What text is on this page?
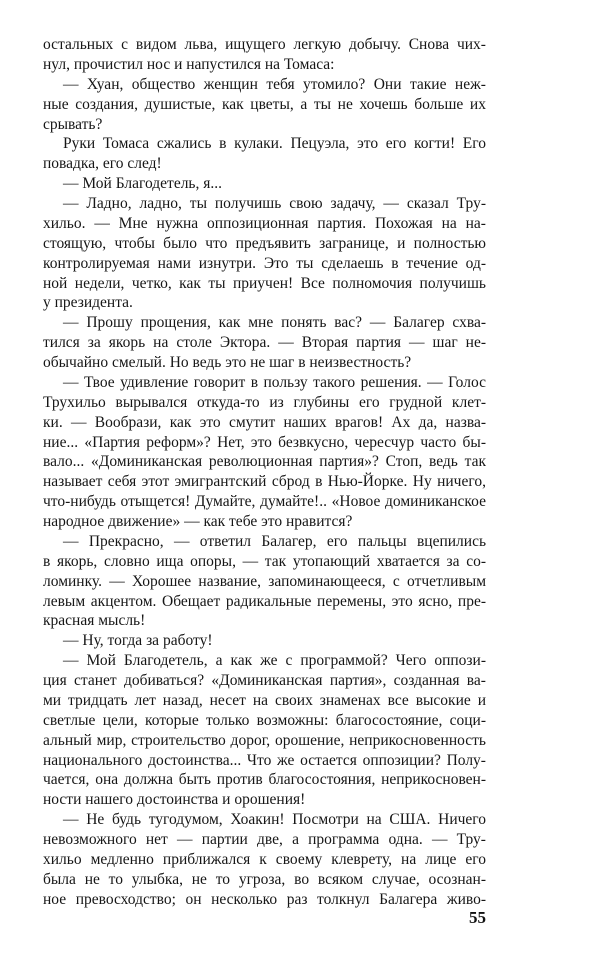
остальных с видом льва, ищущего легкую добычу. Снова чих-
нул, прочистил нос и напустился на Томаса:
— Хуан, общество женщин тебя утомило? Они такие неж-
ные создания, душистые, как цветы, а ты не хочешь больше их
срывать?
Руки Томаса сжались в кулаки. Пецуэла, это его когти! Его
повадка, его след!
— Мой Благодетель, я...
— Ладно, ладно, ты получишь свою задачу, — сказал Тру-
хильо. — Мне нужна оппозиционная партия. Похожая на на-
стоящую, чтобы было что предъявить загранице, и полностью
контролируемая нами изнутри. Это ты сделаешь в течение од-
ной недели, четко, как ты приучен! Все полномочия получишь
у президента.
— Прошу прощения, как мне понять вас? — Балагер схва-
тился за якорь на столе Эктора. — Вторая партия — шаг не-
обычайно смелый. Но ведь это не шаг в неизвестность?
— Твое удивление говорит в пользу такого решения. — Голос
Трухильо вырывался откуда-то из глубины его грудной клет-
ки. — Вообрази, как это смутит наших врагов! Ах да, назва-
ние... «Партия реформ»? Нет, это безвкусно, чересчур часто бы-
вало... «Доминиканская революционная партия»? Стоп, ведь так
называет себя этот эмигрантский сброд в Нью-Йорке. Ну ничего,
что-нибудь отыщется! Думайте, думайте!.. «Новое доминиканское
народное движение» — как тебе это нравится?
— Прекрасно, — ответил Балагер, его пальцы вцепились
в якорь, словно ища опоры, — так утопающий хватается за со-
ломинку. — Хорошее название, запоминающееся, с отчетливым
левым акцентом. Обещает радикальные перемены, это ясно, пре-
красная мысль!
— Ну, тогда за работу!
— Мой Благодетель, а как же с программой? Чего оппози-
ция станет добиваться? «Доминиканская партия», созданная ва-
ми тридцать лет назад, несет на своих знаменах все высокие и
светлые цели, которые только возможны: благосостояние, соци-
альный мир, строительство дорог, орошение, неприкосновенность
национального достоинства... Что же остается оппозиции? Полу-
чается, она должна быть против благосостояния, неприкосновен-
ности нашего достоинства и орошения!
— Не будь тугодумом, Хоакин! Посмотри на США. Ничего
невозможного нет — партии две, а программа одна. — Тру-
хильо медленно приближался к своему клеврету, на лице его
была не то улыбка, не то угроза, во всяком случае, осознан-
ное превосходство; он несколько раз толкнул Балагера живо-
55
